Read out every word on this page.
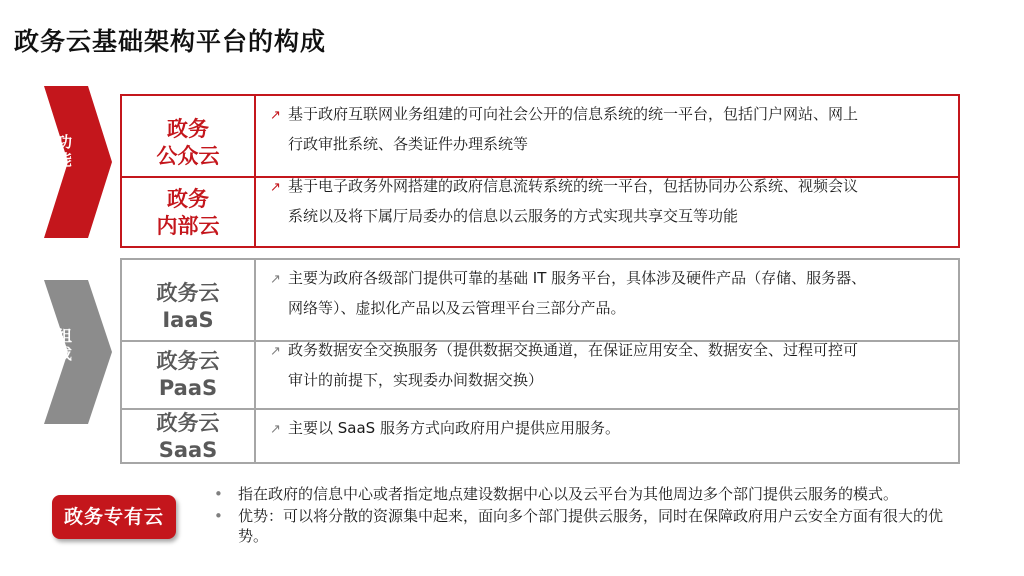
政务云基础架构平台的构成
功能
组成
政务
公众云
↗ 基于政府互联网业务组建的可向社会公开的信息系统的统一平台，包括门户网站、网上
行政审批系统、各类证件办理系统等
政务
内部云
↗ 基于电子政务外网搭建的政府信息流转系统的统一平台，包括协同办公系统、视频会议
系统以及将下属厅局委办的信息以云服务的方式实现共享交互等功能
政务云
IaaS
↗ 主要为政府各级部门提供可靠的基础 IT 服务平台，具体涉及硬件产品（存储、服务器、
网络等）、虚拟化产品以及云管理平台三部分产品。
政务云
PaaS
↗ 政务数据安全交换服务（提供数据交换通道，在保证应用安全、数据安全、过程可控可
审计的前提下，实现委办间数据交换）
政务云
SaaS
↗ 主要以 SaaS 服务方式向政府用户提供应用服务。
政务专有云
• 指在政府的信息中心或者指定地点建设数据中心以及云平台为其他周边多个部门提供云服务的模式。
• 优势：可以将分散的资源集中起来，面向多个部门提供云服务，同时在保障政府用户云安全方面有很大的优势。
